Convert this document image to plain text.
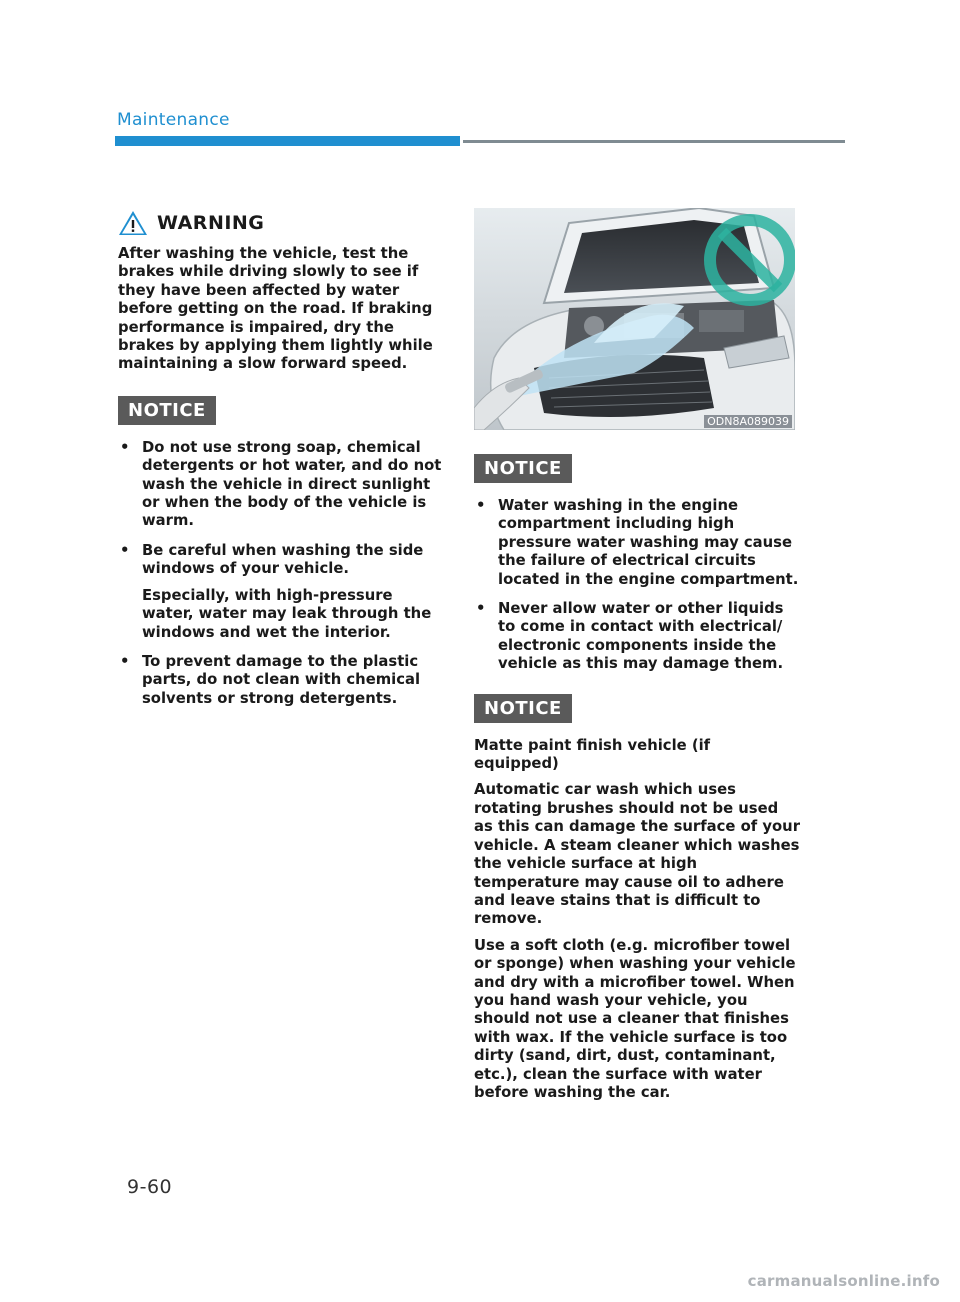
Maintenance
WARNING

After washing the vehicle, test the brakes while driving slowly to see if they have been affected by water before getting on the road. If braking performance is impaired, dry the brakes by applying them lightly while maintaining a slow forward speed.

NOTICE
• Do not use strong soap, chemical detergents or hot water, and do not wash the vehicle in direct sunlight or when the body of the vehicle is warm.
• Be careful when washing the side windows of your vehicle.

Especially, with high-pressure water, water may leak through the windows and wet the interior.

• To prevent damage to the plastic parts, do not clean with chemical solvents or strong detergents.
ODN8A089039
NOTICE
• Water washing in the engine compartment including high pressure water washing may cause the failure of electrical circuits located in the engine compartment.
• Never allow water or other liquids to come in contact with electrical/ electronic components inside the vehicle as this may damage them.
NOTICE

Matte paint finish vehicle (if equipped)

Automatic car wash which uses rotating brushes should not be used as this can damage the surface of your vehicle. A steam cleaner which washes the vehicle surface at high temperature may cause oil to adhere and leave stains that is difficult to remove.

Use a soft cloth (e.g. microfiber towel or sponge) when washing your vehicle and dry with a microfiber towel. When you hand wash your vehicle, you should not use a cleaner that finishes with wax. If the vehicle surface is too dirty (sand, dirt, dust, contaminant, etc.), clean the surface with water before washing the car.

9-60
carmanualsonline.info
